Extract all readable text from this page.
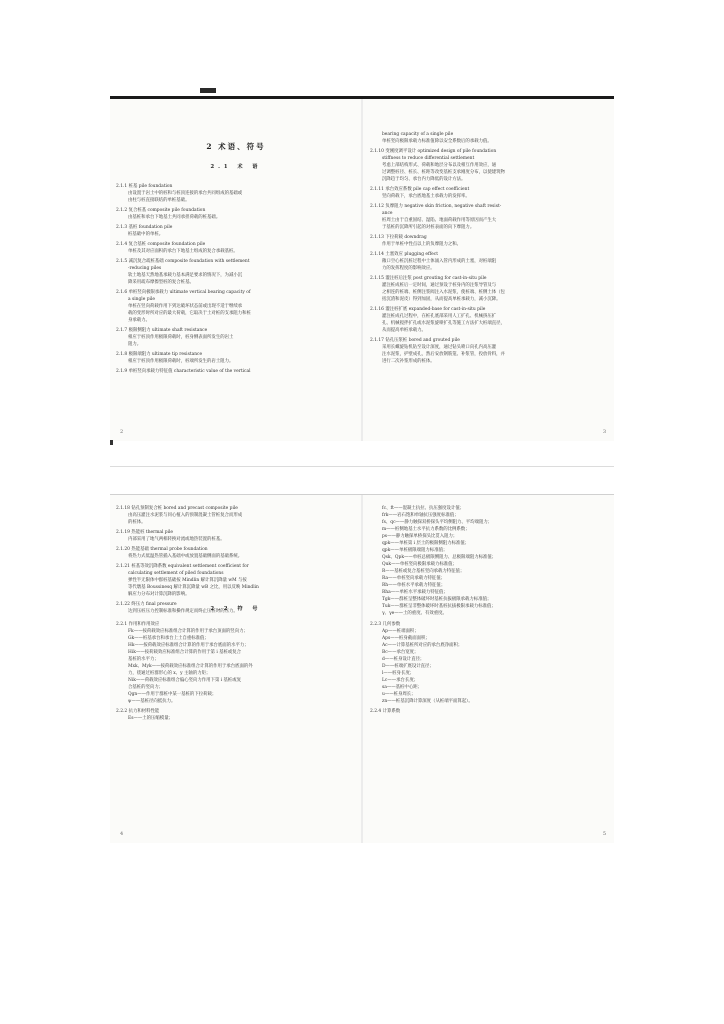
2 术语、符号
2.1 术 语

2.1.1 桩基 pile foundation

由设置于岩土中的桩和与桩顶连接的承台共同组成的基础或

由柱与桩直接联结的单桩基础。

2.1.2 复合桩基 composite pile foundation

由基桩和承台下地基土共同承担荷载的桩基础。

2.1.3 基桩 foundation pile

桩基础中的单桩。

2.1.4 复合基桩 composite foundation pile

单桩及其对应面积的承台下地基土组成的复合承载基桩。

2.1.5 减沉复合疏桩基础 composite foundation with settlement

-reducing piles

软土地基天然地基承载力基本满足要求的情况下，为减小沉

降采用疏布摩擦型桩的复合桩基。

2.1.6 单桩竖向极限承载力 ultimate vertical bearing capacity of

a single pile

单桩在竖向荷载作用下到达破坏状态前或出现不适于继续承

载的变形时所对应的最大荷载，它取决于土对桩的支承阻力和桩

身承载力。

2.1.7 极限侧阻力 ultimate shaft resistance

相应于桩顶作用极限荷载时，桩身侧表面所发生的岩土

阻力。

2.1.8 极限端阻力 ultimate tip resistance

相应于桩顶作用极限荷载时，桩端所发生的岩土阻力。

2.1.9 单桩竖向承载力特征值 characteristic value of the vertical

2

bearing capacity of a single pile

单桩竖向极限承载力标准值除以安全系数后的承载力值。

2.1.10 变刚度调平设计 optimized design of pile foundation

stiffness to reduce differential settlement

考虑上部结构形式、荷载和地层分布以及相互作用效应，通

过调整桩径、桩长、桩距等改变基桩支承刚度分布，以使建筑物

沉降趋于均匀、承台内力降低的设计方法。

2.1.11 承台效应系数 pile cap effect coefficient

竖向荷载下，承台底地基土承载力的发挥率。

2.1.12 负摩阻力 negative skin friction, negative shaft resist-

ance

桩周土由于自重固结、湿陷、地面荷载作用等原因而产生大

于基桩的沉降所引起的对桩表面的向下摩阻力。

2.1.13 下拉荷载 downdrag

作用于单桩中性点以上的负摩阻力之和。

2.1.14 土塞效应 plugging effect

敞口空心桩沉桩过程中土体涌入管内形成的土塞，对桩端阻

力的发挥程度的影响效应。

2.1.15 灌注桩后注浆 post grouting for cast-in-situ pile

灌注桩成桩后一定时间，通过预设于桩身内的注浆导管及与

之相连的桩端、桩侧注浆阀注入水泥浆，使桩端、桩侧土体（包

括沉渣和泥皮）得到加固，从而提高单桩承载力，减小沉降。

2.1.16 灌注桩扩底 expanded-base for cast-in-situ pile

灌注桩成孔过程中，在桩孔底部采用人工扩孔、机械挤压扩

孔、机械搅拌扩孔或水泥浆旋喷扩孔等施工方法扩大桩端直径，

从而提高单桩承载力。

2.1.17 钻孔压浆桩 bored and grouted pile

采用长螺旋钻机钻至设计深度，通过钻头喷口向孔内高压灌

注水泥浆，护壁成孔，然后安放钢筋笼、补浆管，投放骨料，并

进行二次补浆形成的桩体。

3

2.1.18 钻孔预制复合桩 bored and precast composite pile

由高压灌注水泥浆与同心植入的预制混凝土管桩复合而形成

的桩体。

2.1.19 热能桩 thermal pile

内部采用了地气两相转换对流或地热装置的桩基。

2.1.20 热能基础 thermal probe foundation

将热力式低温热管插入基础中或放置基础侧面的基础系统。

2.1.21 桩基等效沉降系数 equivalent settlement coefficient for

calculating settlement of piled foundations

弹性半无限体中群桩基础按 Mindlin 解计算沉降量 wM 与按

等代墩基 Boussinesq 解计算沉降量 wB 之比，用以反映 Mindlin

解应力分布对计算沉降的影响。

2.1.22 终压力 final pressure

达到压桩压力控制标准和操作规定而终止压桩时的压力。

2.2 符 号

2.2.1 作用和作用效应

Fk——按荷载效应标准组合计算的作用于承台顶面的竖向力；

Gk——桩基承台和承台上土自重标准值；

Hk——按荷载效应标准组合计算的作用于承台底面的水平力；

Hik——按荷载效应标准组合计算的作用于第 i 基桩或复合

基桩的水平力；

Mxk、Myk——按荷载效应标准组合计算的作用于承台底面的外

力，绕通过桩群形心的 x、y 主轴的力矩；

Nik——荷载效应标准组合偏心竖向力作用下第 i 基桩或复

合基桩的竖向力；

Qgn——作用于群桩中某一基桩的下拉荷载；

ψ——基桩径向抵抗力。

2.2.2 抗力和材料性能

Es——土的压缩模量；

4

fc、ft——混凝土抗拉、抗压强度设计值；

frk——岩石饱和单轴抗压强度标准值；

fs、qc——静力触探双桥探头平均侧阻力、平均端阻力；

m——桩侧地基土水平抗力系数的比例系数；

ps——静力触探单桥探头比贯入阻力；

qpk——单桩第 i 层土的极限侧阻力标准值；

qpk——单桩极限端阻力标准值；

Qsk、Qpk——单桩总极限侧阻力、总极限端阻力标准值；

Quk——单桩竖向极限承载力标准值；

R——基桩或复合基桩竖向承载力特征值；

Ra——单桩竖向承载力特征值；

Rh——单桩水平承载力特征值；

Rha——单桩水平承载力特征值；

Tgk——群桩呈整体破坏时基桩抗拔极限承载力标准值；

Tuk——群桩呈非整体破坏时基桩抗拔极限承载力标准值；

γ、γe——土的重度、有效重度。

2.2.3 几何参数

Ap——桩端面积；

Aps——桩身截面面积；

Ac——计算基桩所对应的承台底净面积；

Bc——承台宽度；

d——桩身设计直径；

D——桩端扩底设计直径；

l——桩身长度；

Lc——承台长度；

sa——基桩中心距；

u——桩身周长；

zn——桩基沉降计算深度（从桩端平面算起）。

2.2.4 计算系数

5
